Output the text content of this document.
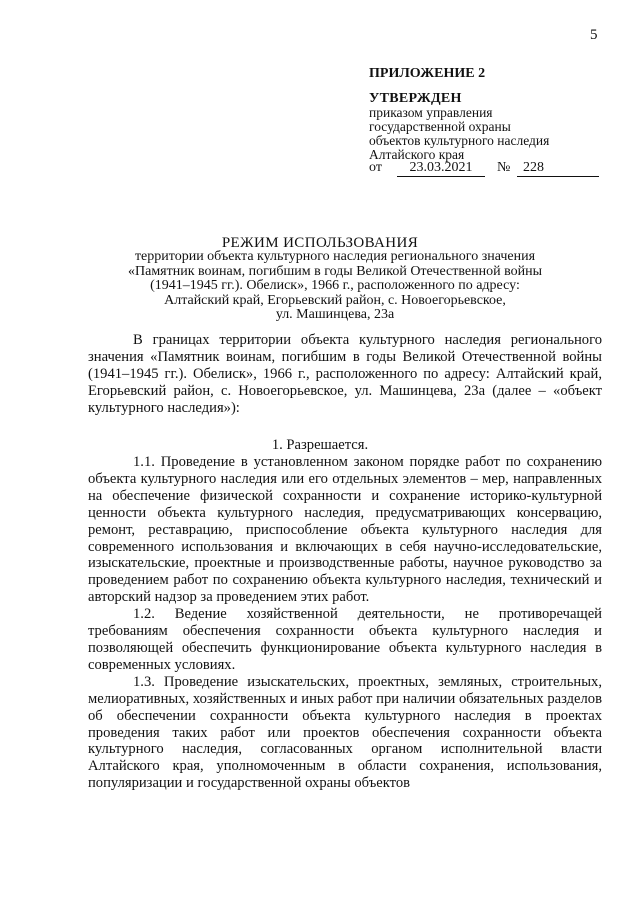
5
ПРИЛОЖЕНИЕ 2
УТВЕРЖДЕН
приказом управления
государственной охраны
объектов культурного наследия
Алтайского края
от	23.03.2021	№ 228
РЕЖИМ ИСПОЛЬЗОВАНИЯ
территории объекта культурного наследия регионального значения
«Памятник воинам, погибшим в годы Великой Отечественной войны
(1941–1945 гг.). Обелиск», 1966 г., расположенного по адресу:
Алтайский край, Егорьевский район, с. Новоегорьевское,
ул. Машинцева, 23а

В границах территории объекта культурного наследия регионального значения «Памятник воинам, погибшим в годы Великой Отечественной войны (1941–1945 гг.). Обелиск», 1966 г., расположенного по адресу: Алтайский край, Егорьевский район, с. Новоегорьевское, ул. Машинцева, 23а (далее – «объект культурного наследия»):

1. Разрешается.

1.1. Проведение в установленном законом порядке работ по сохранению объекта культурного наследия или его отдельных элементов – мер, направленных на обеспечение физической сохранности и сохранение историко-культурной ценности объекта культурного наследия, предусматривающих консервацию, ремонт, реставрацию, приспособление объекта культурного наследия для современного использования и включающих в себя научно-исследовательские, изыскательские, проектные и производственные работы, научное руководство за проведением работ по сохранению объекта культурного наследия, технический и авторский надзор за проведением этих работ.

1.2. Ведение хозяйственной деятельности, не противоречащей требованиям обеспечения сохранности объекта культурного наследия и позволяющей обеспечить функционирование объекта культурного наследия в современных условиях.

1.3. Проведение изыскательских, проектных, земляных, строительных, мелиоративных, хозяйственных и иных работ при наличии обязательных разделов об обеспечении сохранности объекта культурного наследия в проектах проведения таких работ или проектов обеспечения сохранности объекта культурного наследия, согласованных органом исполнительной власти Алтайского края, уполномоченным в области сохранения, использования, популяризации и государственной охраны объектов
